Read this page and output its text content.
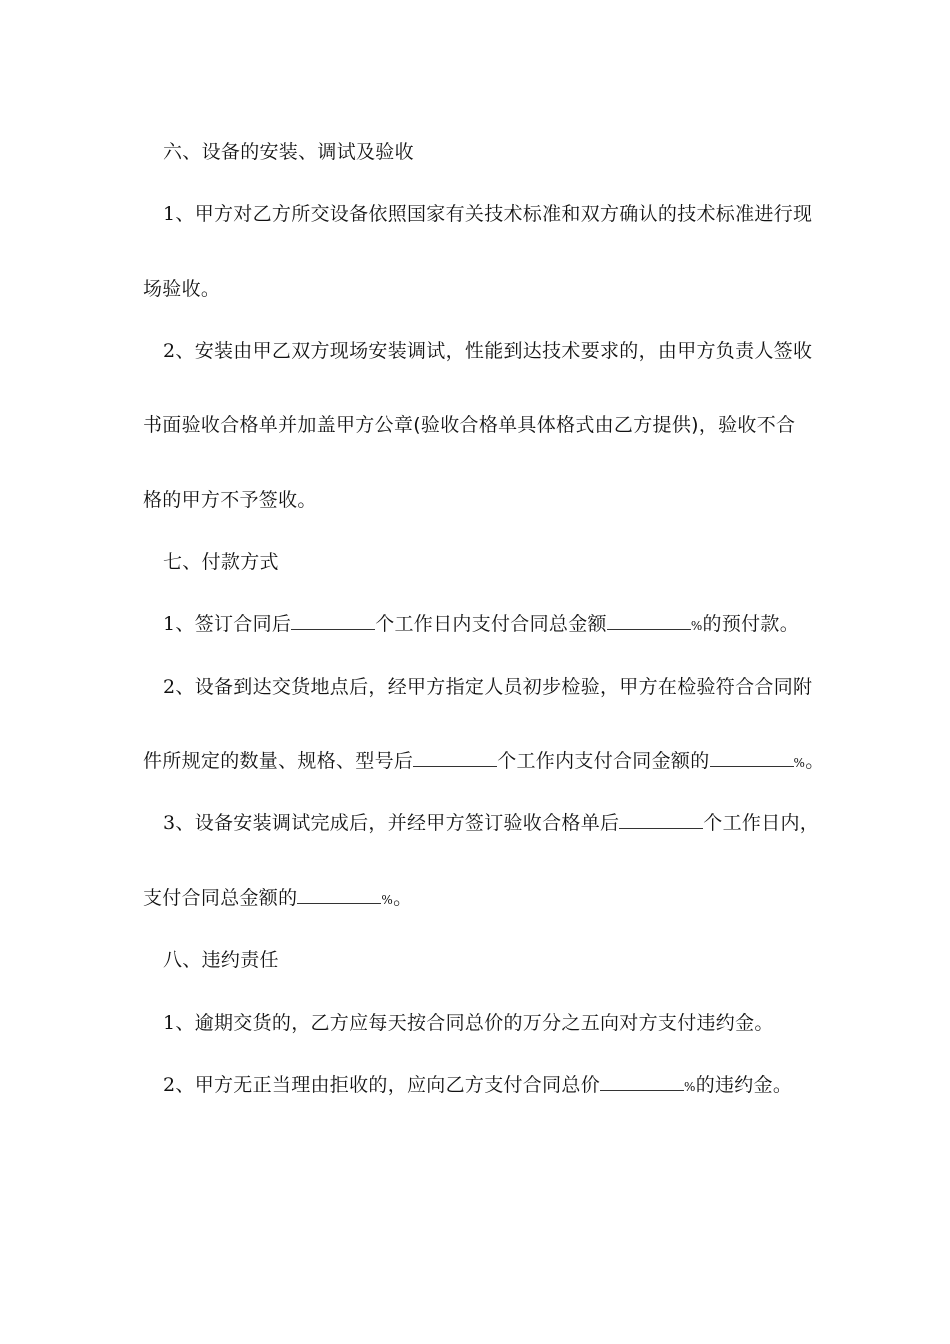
六、设备的安装、调试及验收
1、甲方对乙方所交设备依照国家有关技术标准和双方确认的技术标准进行现
场验收。
2、安装由甲乙双方现场安装调试，性能到达技术要求的，由甲方负责人签收
书面验收合格单并加盖甲方公章(验收合格单具体格式由乙方提供)，验收不合
格的甲方不予签收。
七、付款方式
1、签订合同后	个工作日内支付合同总金额	%的预付款。
2、设备到达交货地点后，经甲方指定人员初步检验，甲方在检验符合合同附
件所规定的数量、规格、型号后	个工作内支付合同金额的	%。
3、设备安装调试完成后，并经甲方签订验收合格单后	个工作日内，
支付合同总金额的	%。
八、违约责任
1、逾期交货的，乙方应每天按合同总价的万分之五向对方支付违约金。
2、甲方无正当理由拒收的，应向乙方支付合同总价	%的违约金。
